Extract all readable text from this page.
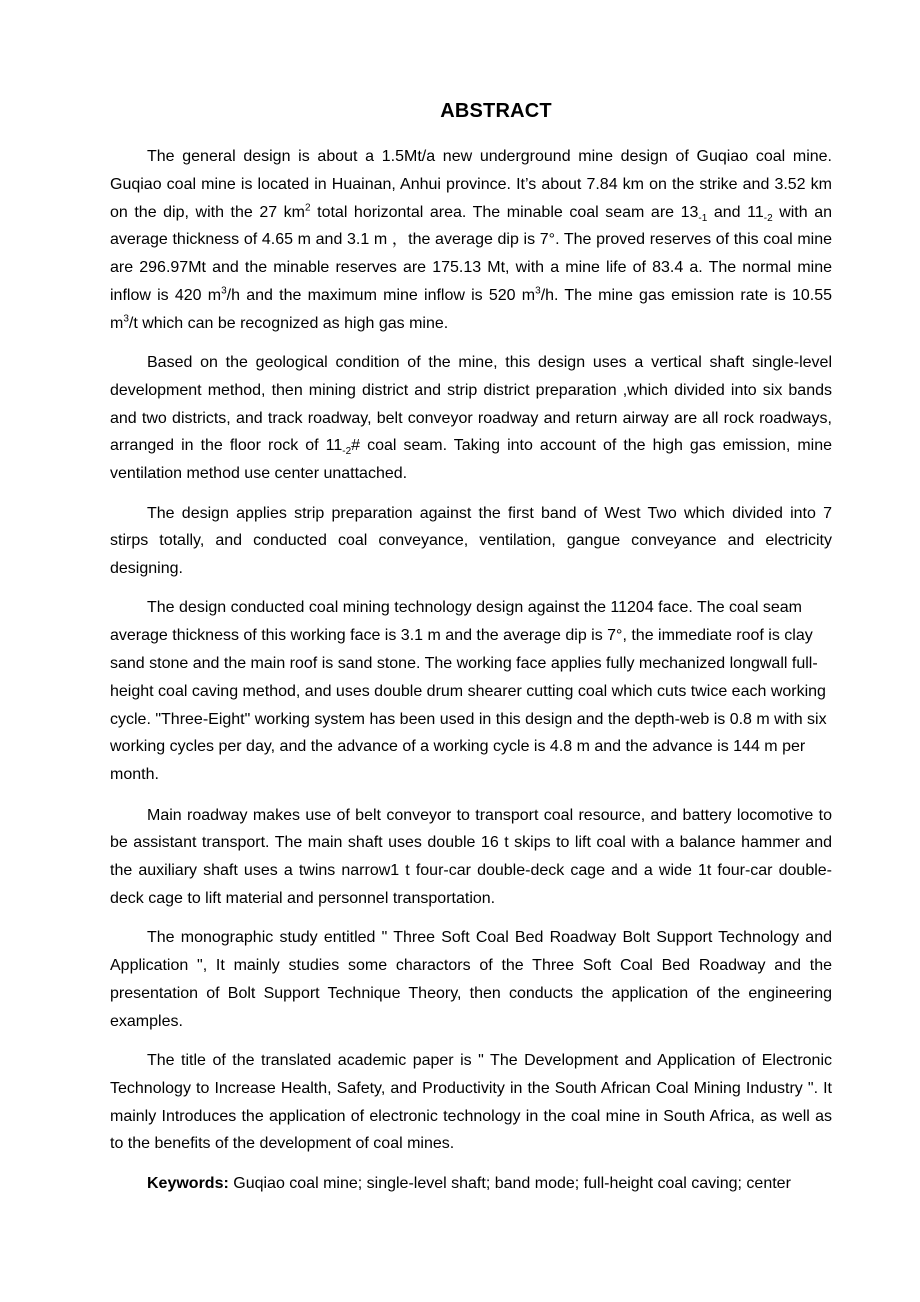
ABSTRACT

The general design is about a 1.5Mt/a new underground mine design of Guqiao coal mine. Guqiao coal mine is located in Huainan, Anhui province. It’s about 7.84 km on the strike and 3.52 km on the dip, with the 27 $km^2$ total horizontal area. The minable coal seam are $13_{-1}$ and $11_{-2}$ with an average thickness of 4.65 m and 3.1 m ，the average dip is 7°. The proved reserves of this coal mine are 296.97Mt and the minable reserves are 175.13 Mt, with a mine life of 83.4 a. The normal mine inflow is 420 $m^3/h$ and the maximum mine inflow is 520 $m^3/h$. The mine gas emission rate is 10.55 $m^3/t$ which can be recognized as high gas mine.

Based on the geological condition of the mine, this design uses a vertical shaft single-level development method, then mining district and strip district preparation ,which divided into six bands and two districts, and track roadway, belt conveyor roadway and return airway are all rock roadways, arranged in the floor rock of $11_{-2}\#$ coal seam. Taking into account of the high gas emission, mine ventilation method use center unattached.

The design applies strip preparation against the first band of West Two which divided into 7 stirps totally, and conducted coal conveyance, ventilation, gangue conveyance and electricity designing.

The design conducted coal mining technology design against the 11204 face. The coal seam average thickness of this working face is 3.1 m and the average dip is 7°, the immediate roof is clay sand stone and the main roof is sand stone. The working face applies fully mechanized longwall full-height coal caving method, and uses double drum shearer cutting coal which cuts twice each working cycle. "Three-Eight" working system has been used in this design and the depth-web is 0.8 m with six working cycles per day, and the advance of a working cycle is 4.8 m and the advance is 144 m per month.

Main roadway makes use of belt conveyor to transport coal resource, and battery locomotive to be assistant transport. The main shaft uses double 16 t skips to lift coal with a balance hammer and the auxiliary shaft uses a twins narrow1 t four-car double-deck cage and a wide 1t four-car double-deck cage to lift material and personnel transportation.

The monographic study entitled " Three Soft Coal Bed Roadway Bolt Support Technology and Application ", It mainly studies some charactors of the Three Soft Coal Bed Roadway and the presentation of Bolt Support Technique Theory, then conducts the application of the engineering examples.

The title of the translated academic paper is " The Development and Application of Electronic Technology to Increase Health, Safety, and Productivity in the South African Coal Mining Industry ". It mainly Introduces the application of electronic technology in the coal mine in South Africa, as well as to the benefits of the development of coal mines.

Keywords: Guqiao coal mine; single-level shaft; band mode; full-height coal caving; center
